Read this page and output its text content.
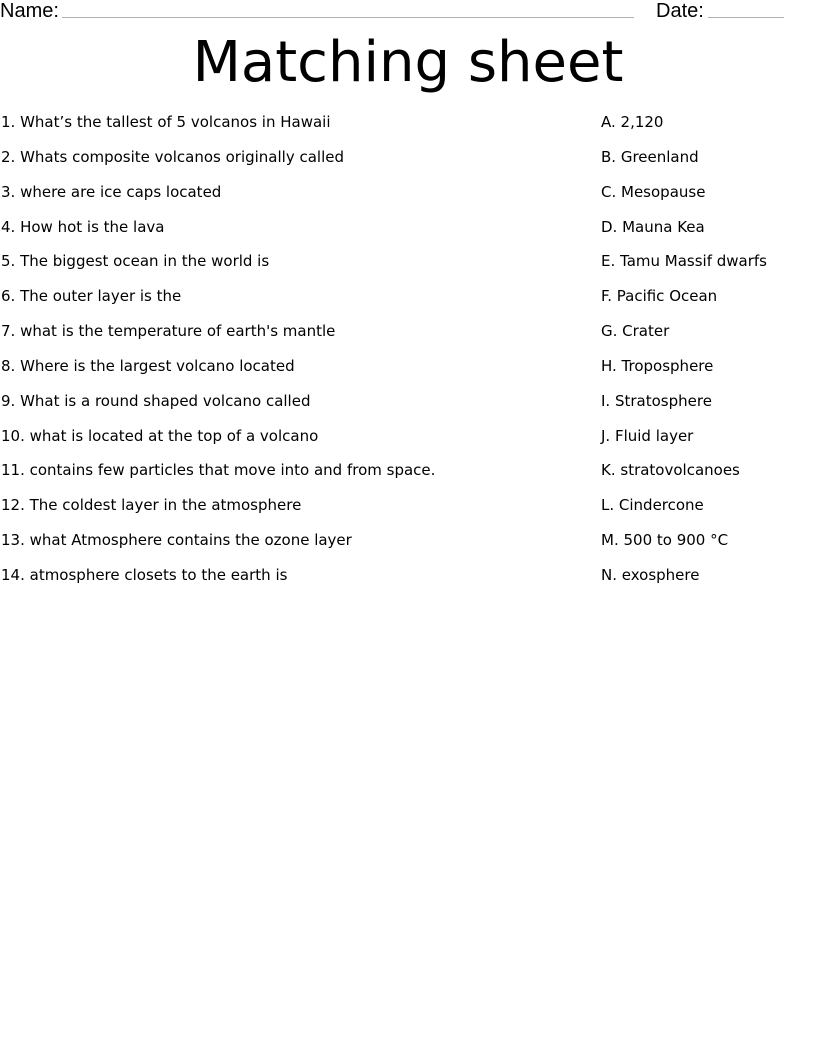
Name:	Date:
Matching sheet
1. What’s the tallest of 5 volcanos in Hawaii
2. Whats composite volcanos originally called
3. where are ice caps located
4. How hot is the lava
5. The biggest ocean in the world is
6. The outer layer is the
7. what is the temperature of earth's mantle
8. Where is the largest volcano located
9. What is a round shaped volcano called
10. what is located at the top of a volcano
11. contains few particles that move into and from space.
12. The coldest layer in the atmosphere
13. what Atmosphere contains the ozone layer
14. atmosphere closets to the earth is
A. 2,120
B. Greenland
C. Mesopause
D. Mauna Kea
E. Tamu Massif dwarfs
F. Pacific Ocean
G. Crater
H. Troposphere
I. Stratosphere
J. Fluid layer
K. stratovolcanoes
L. Cindercone
M. 500 to 900 °C
N. exosphere
